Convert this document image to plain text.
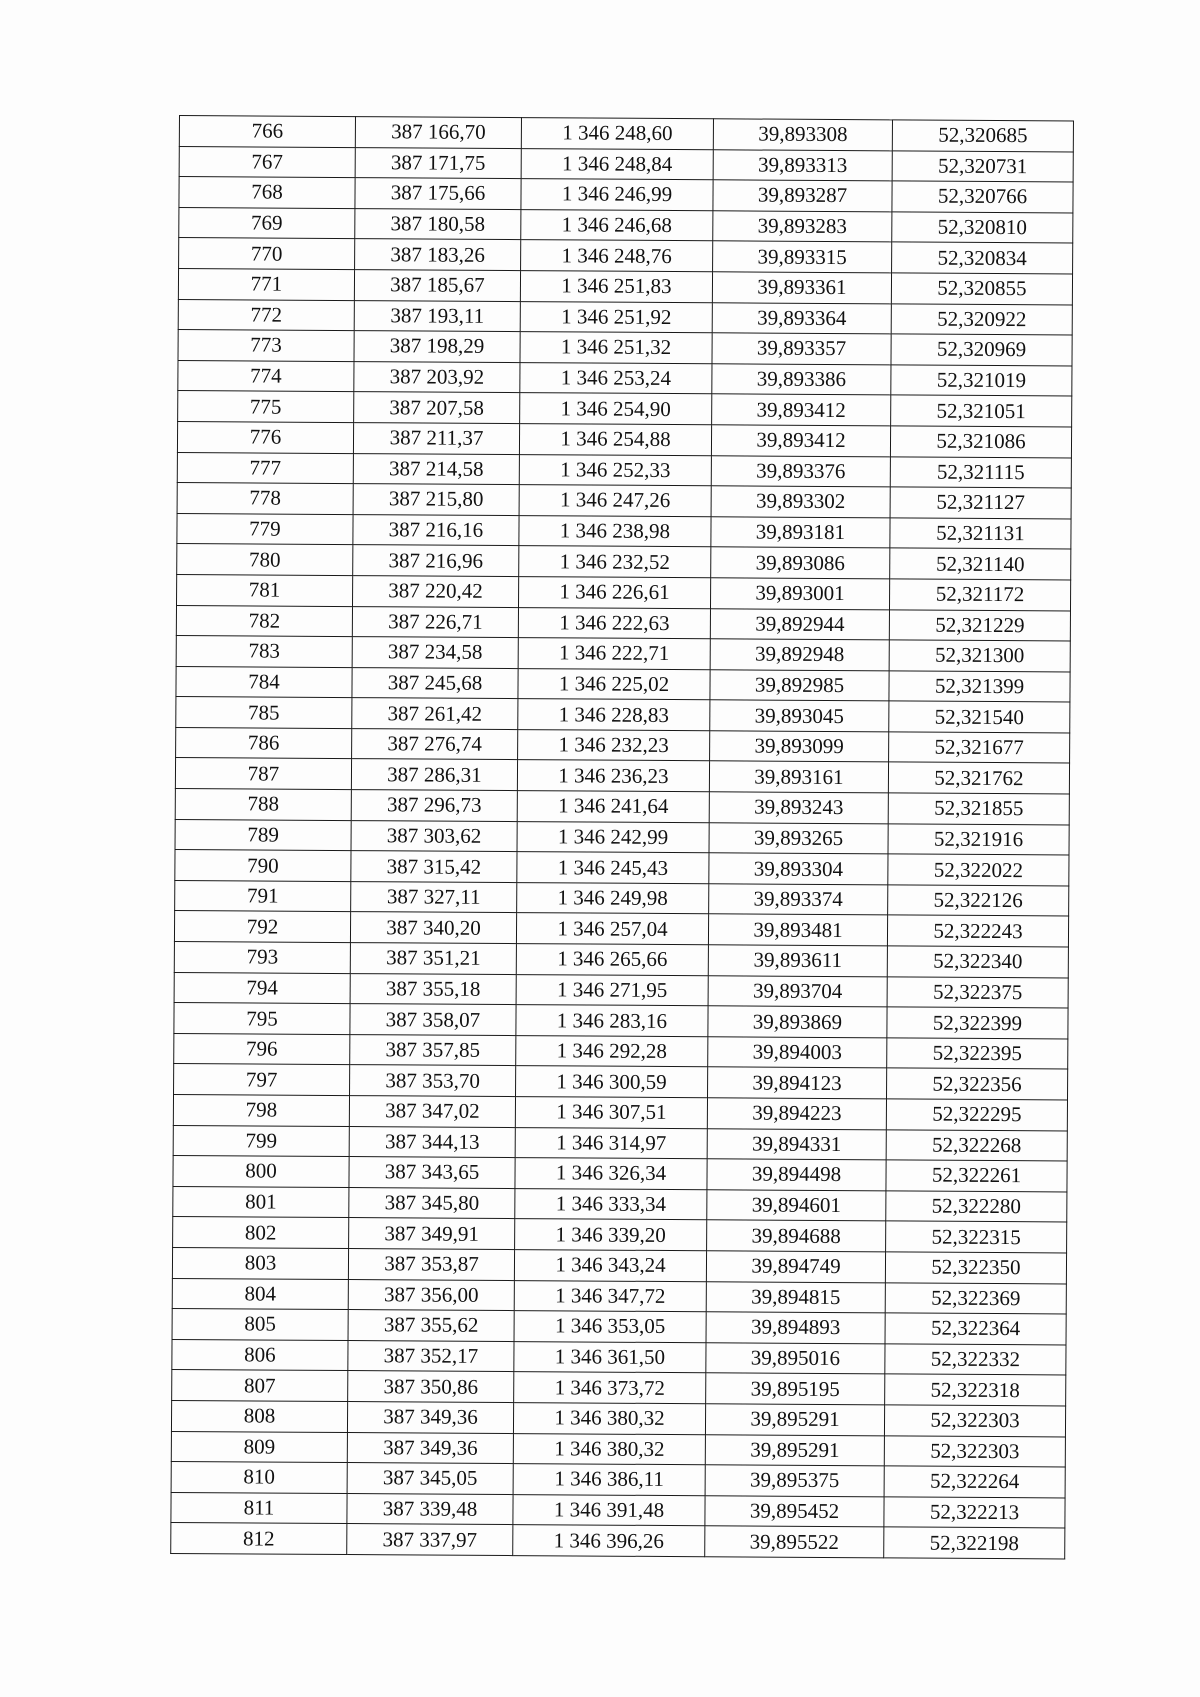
766	387 166,70	1 346 248,60	39,893308	52,320685
767	387 171,75	1 346 248,84	39,893313	52,320731
768	387 175,66	1 346 246,99	39,893287	52,320766
769	387 180,58	1 346 246,68	39,893283	52,320810
770	387 183,26	1 346 248,76	39,893315	52,320834
771	387 185,67	1 346 251,83	39,893361	52,320855
772	387 193,11	1 346 251,92	39,893364	52,320922
773	387 198,29	1 346 251,32	39,893357	52,320969
774	387 203,92	1 346 253,24	39,893386	52,321019
775	387 207,58	1 346 254,90	39,893412	52,321051
776	387 211,37	1 346 254,88	39,893412	52,321086
777	387 214,58	1 346 252,33	39,893376	52,321115
778	387 215,80	1 346 247,26	39,893302	52,321127
779	387 216,16	1 346 238,98	39,893181	52,321131
780	387 216,96	1 346 232,52	39,893086	52,321140
781	387 220,42	1 346 226,61	39,893001	52,321172
782	387 226,71	1 346 222,63	39,892944	52,321229
783	387 234,58	1 346 222,71	39,892948	52,321300
784	387 245,68	1 346 225,02	39,892985	52,321399
785	387 261,42	1 346 228,83	39,893045	52,321540
786	387 276,74	1 346 232,23	39,893099	52,321677
787	387 286,31	1 346 236,23	39,893161	52,321762
788	387 296,73	1 346 241,64	39,893243	52,321855
789	387 303,62	1 346 242,99	39,893265	52,321916
790	387 315,42	1 346 245,43	39,893304	52,322022
791	387 327,11	1 346 249,98	39,893374	52,322126
792	387 340,20	1 346 257,04	39,893481	52,322243
793	387 351,21	1 346 265,66	39,893611	52,322340
794	387 355,18	1 346 271,95	39,893704	52,322375
795	387 358,07	1 346 283,16	39,893869	52,322399
796	387 357,85	1 346 292,28	39,894003	52,322395
797	387 353,70	1 346 300,59	39,894123	52,322356
798	387 347,02	1 346 307,51	39,894223	52,322295
799	387 344,13	1 346 314,97	39,894331	52,322268
800	387 343,65	1 346 326,34	39,894498	52,322261
801	387 345,80	1 346 333,34	39,894601	52,322280
802	387 349,91	1 346 339,20	39,894688	52,322315
803	387 353,87	1 346 343,24	39,894749	52,322350
804	387 356,00	1 346 347,72	39,894815	52,322369
805	387 355,62	1 346 353,05	39,894893	52,322364
806	387 352,17	1 346 361,50	39,895016	52,322332
807	387 350,86	1 346 373,72	39,895195	52,322318
808	387 349,36	1 346 380,32	39,895291	52,322303
809	387 349,36	1 346 380,32	39,895291	52,322303
810	387 345,05	1 346 386,11	39,895375	52,322264
811	387 339,48	1 346 391,48	39,895452	52,322213
812	387 337,97	1 346 396,26	39,895522	52,322198
